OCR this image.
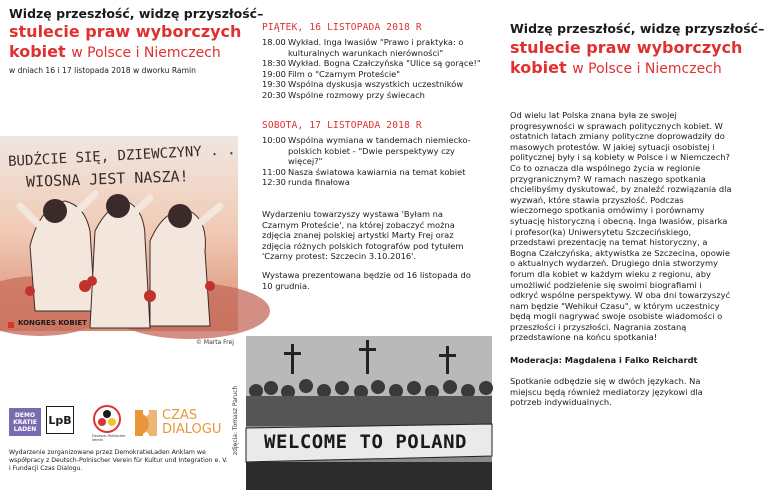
Widzę przeszłość, widzę przyszłość–
stulecie praw wyborczych
kobiet w Polsce i Niemczech
w dniach 16 i 17 listopada 2018 w dworku Ramin
BUDŹCIE SIĘ, DZIEWCZYNY . .
WIOSNA JEST NASZA!
KONGRES KOBIET
© Marta Frej
DEMO
KRATIE
LADEN
LpB
Deutsch-Polnischer Verein
CZAS
DIALOGU
Wydarzenie zorganizowane przez DemokratieLaden Anklam we współpracy z Deutsch-Polnischer Verein für Kultur und Integration e. V. i Fundacji Czas Dialogu.
PIĄTEK, 16 LISTOPADA 2018 R
18.00 Wykład. Inga Iwasiów "Prawo i praktyka: o kulturalnych warunkach nierówności"
18:30 Wykład. Bogna Czałczyńska "Ulice są gorące!"
19:00 Film o "Czarnym Proteście"
19:30 Wspólna dyskusja wszystkich uczestników
20:30 Wspólne rozmowy przy świecach
SOBOTA, 17 LISTOPADA 2018 R
10:00 Wspólna wymiana w tandemach niemiecko-polskich kobiet - "Dwie perspektywy czy więcej?"
11:00 Nasza światowa kawiarnia na temat kobiet
12:30 runda finałowa
Wydarzeniu towarzyszy wystawa 'Byłam na Czarnym Proteście', na której zobaczyć można zdjęcia znanej polskiej artystki Marty Frej oraz zdjęcia różnych polskich fotografów pod tytułem 'Czarny protest: Szczecin 3.10.2016'.
Wystawa prezentowana będzie od 16 listopada do 10 grudnia.
WELCOME TO POLAND
zdjęcia: Tomasz Paruch
Widzę przeszłość, widzę przyszłość–
stulecie praw wyborczych
kobiet w Polsce i Niemczech
Od wielu lat Polska znana była ze swojej progresywności w sprawach politycznych kobiet. W ostatnich latach zmiany polityczne doprowadziły do masowych protestów. W jakiej sytuacji osobistej i politycznej były i są kobiety w Polsce i w Niemczech? Co to oznacza dla wspólnego życia w regionie przygranicznym? W ramach naszego spotkania chcielibyśmy dyskutować, by znaleźć rozwiązania dla wyzwań, które stawia przyszłość. Podczas wieczornego spotkania omówimy i porównamy sytuację historyczną i obecną. Inga Iwasiów, pisarka i profesor(ka) Uniwersytetu Szczecińskiego, przedstawi prezentację na temat historyczny, a Bogna Czałczyńska, aktywistka ze Szczecina, opowie o aktualnych wydarzeń. Drugiego dnia stworzymy forum dla kobiet w każdym wieku z regionu, aby umożliwić podzielenie się swoimi biografiami i odkryć wspólne perspektywy. W oba dni towarzyszyć nam będzie "Wehikuł Czasu", w którym uczestnicy będą mogli nagrywać swoje osobiste wiadomości o przeszłości i przyszłości. Nagrania zostaną przedstawione na końcu spotkania!
Moderacja: Magdalena i Falko Reichardt
Spotkanie odbędzie się w dwóch językach. Na miejscu będą również mediatorzy językowi dla potrzeb indywidualnych.
